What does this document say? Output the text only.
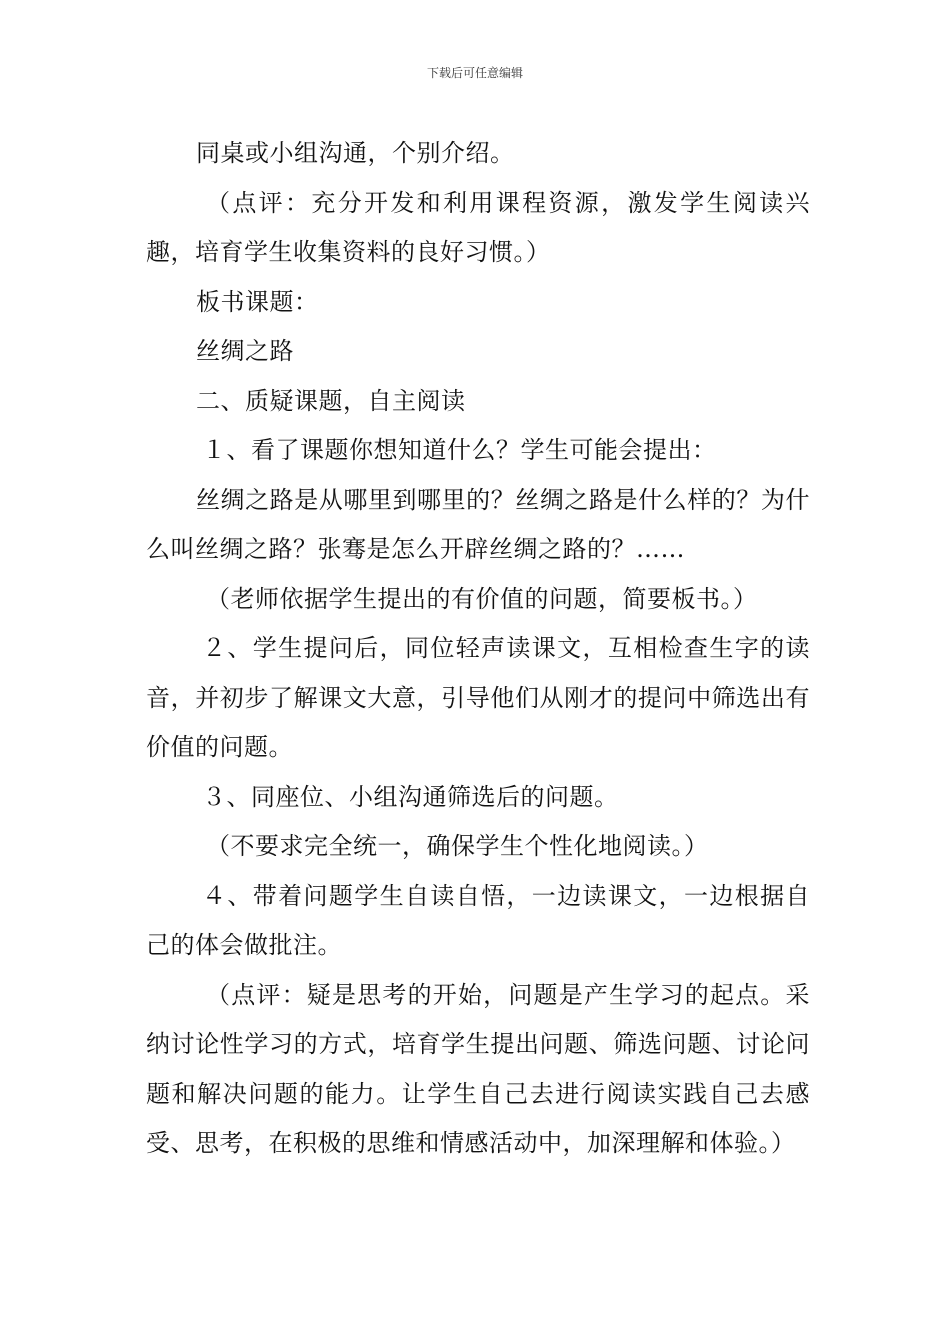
下载后可任意编辑

同桌或小组沟通，个别介绍。

（点评：充分开发和利用课程资源，激发学生阅读兴趣，培育学生收集资料的良好习惯。）

板书课题：

丝绸之路

二、质疑课题，自主阅读

１、看了课题你想知道什么？学生可能会提出：

丝绸之路是从哪里到哪里的？丝绸之路是什么样的？为什么叫丝绸之路？张骞是怎么开辟丝绸之路的？……

（老师依据学生提出的有价值的问题，简要板书。）

２、学生提问后，同位轻声读课文，互相检查生字的读音，并初步了解课文大意，引导他们从刚才的提问中筛选出有价值的问题。

３、同座位、小组沟通筛选后的问题。

（不要求完全统一，确保学生个性化地阅读。）

４、带着问题学生自读自悟，一边读课文，一边根据自己的体会做批注。

（点评：疑是思考的开始，问题是产生学习的起点。采纳讨论性学习的方式，培育学生提出问题、筛选问题、讨论问题和解决问题的能力。让学生自己去进行阅读实践自己去感受、思考，在积极的思维和情感活动中，加深理解和体验。）
